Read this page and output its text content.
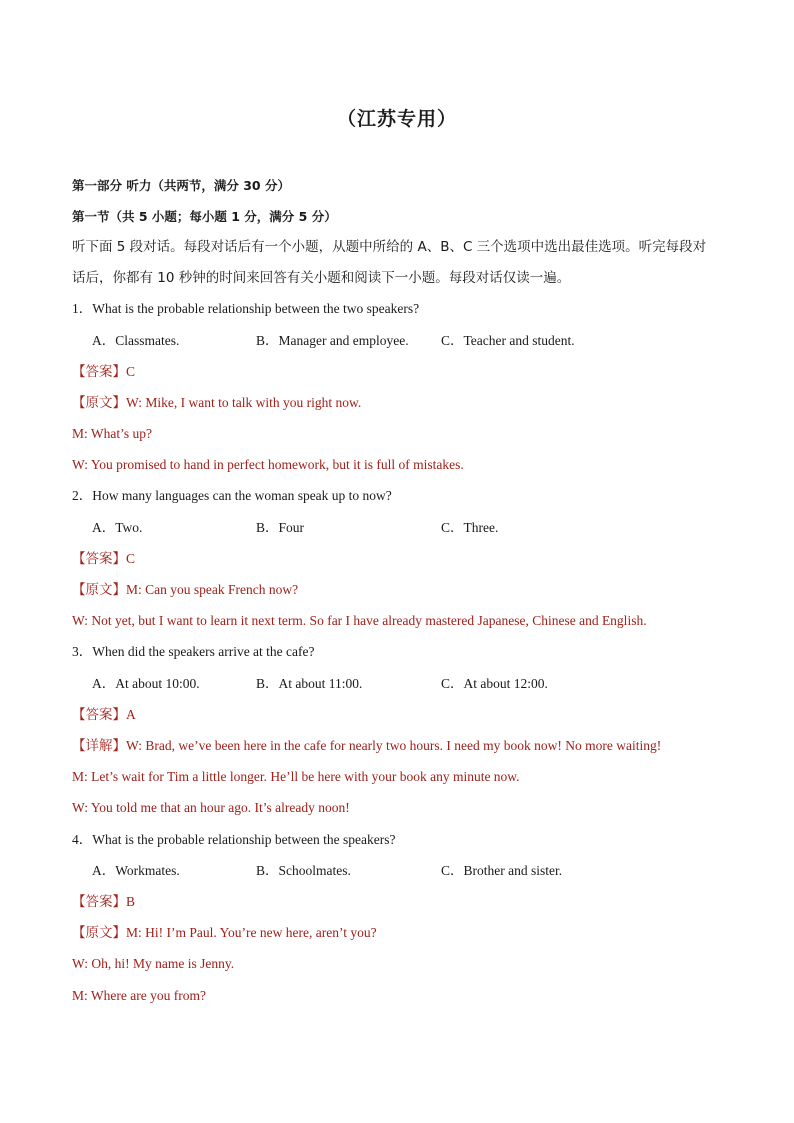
（江苏专用）
第一部分 听力（共两节，满分 30 分）
第一节（共 5 小题；每小题 1 分，满分 5 分）
听下面 5 段对话。每段对话后有一个小题，从题中所给的 A、B、C 三个选项中选出最佳选项。听完每段对
话后，你都有 10 秒钟的时间来回答有关小题和阅读下一小题。每段对话仅读一遍。
1．What is the probable relationship between the two speakers?
A．Classmates.	B．Manager and employee. C．Teacher and student.
【答案】C
【原文】W: Mike, I want to talk with you right now.
M: What’s up?
W: You promised to hand in perfect homework, but it is full of mistakes.
2．How many languages can the woman speak up to now?
A．Two.	B．Four	C．Three.
【答案】C
【原文】M: Can you speak French now?
W: Not yet, but I want to learn it next term. So far I have already mastered Japanese, Chinese and English.
3．When did the speakers arrive at the cafe?
A．At about 10:00.	B．At about 11:00.	C．At about 12:00.
【答案】A
【详解】W: Brad, we’ve been here in the cafe for nearly two hours. I need my book now! No more waiting!
M: Let’s wait for Tim a little longer. He’ll be here with your book any minute now.
W: You told me that an hour ago. It’s already noon!
4．What is the probable relationship between the speakers?
A．Workmates.	B．Schoolmates.	C．Brother and sister.
【答案】B
【原文】M: Hi! I’m Paul. You’re new here, aren’t you?
W: Oh, hi! My name is Jenny.
M: Where are you from?
